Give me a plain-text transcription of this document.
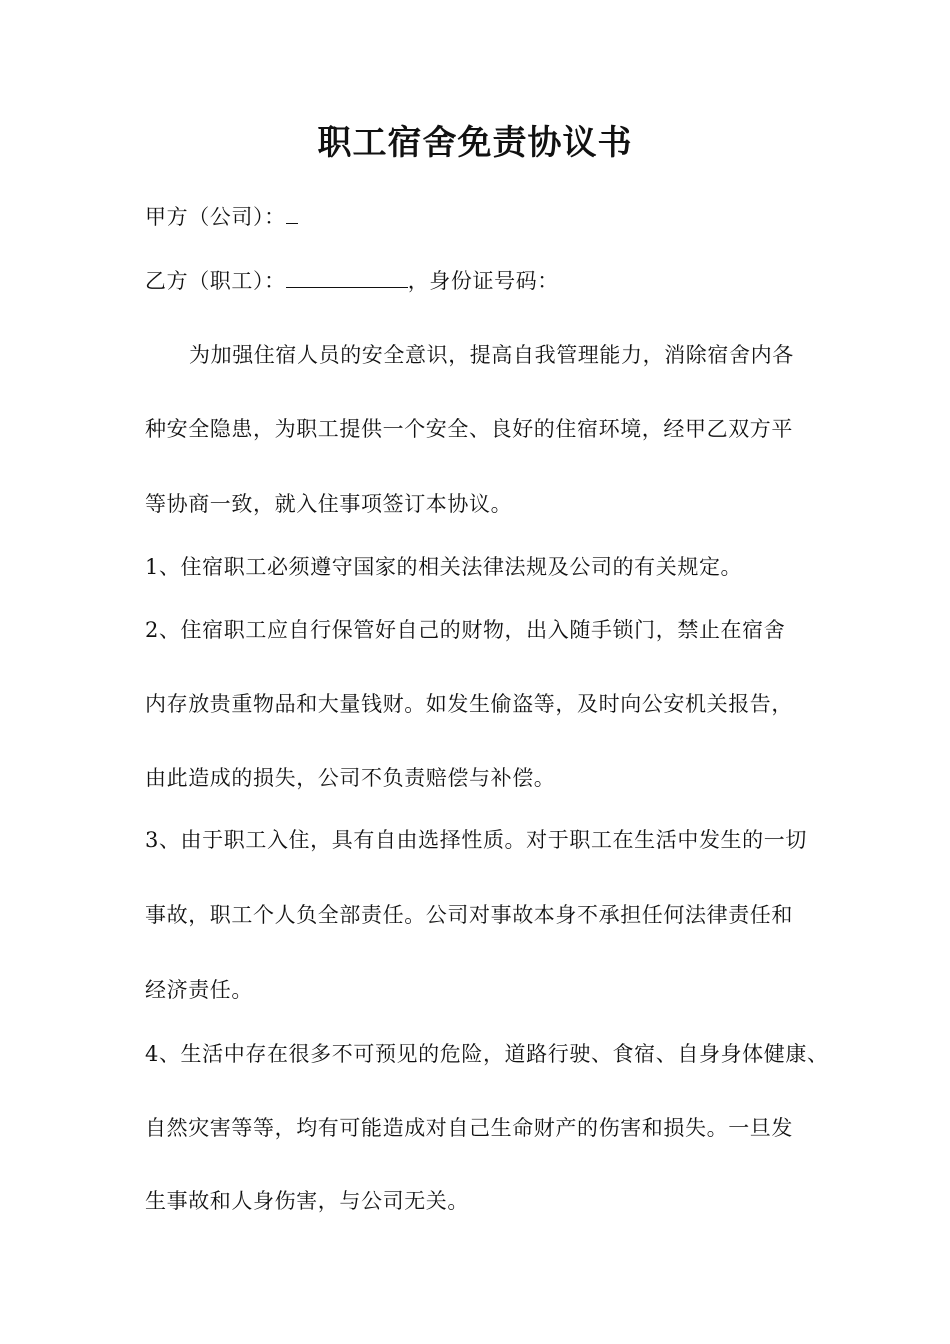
职工宿舍免责协议书
甲方（公司）：
乙方（职工）：	，身份证号码：
为加强住宿人员的安全意识，提高自我管理能力，消除宿舍内各
种安全隐患，为职工提供一个安全、良好的住宿环境，经甲乙双方平
等协商一致，就入住事项签订本协议。
1、住宿职工必须遵守国家的相关法律法规及公司的有关规定。
2、住宿职工应自行保管好自己的财物，出入随手锁门，禁止在宿舍
内存放贵重物品和大量钱财。如发生偷盗等，及时向公安机关报告，
由此造成的损失，公司不负责赔偿与补偿。
3、由于职工入住，具有自由选择性质。对于职工在生活中发生的一切
事故，职工个人负全部责任。公司对事故本身不承担任何法律责任和
经济责任。
4、生活中存在很多不可预见的危险，道路行驶、食宿、自身身体健康、
自然灾害等等，均有可能造成对自己生命财产的伤害和损失。一旦发
生事故和人身伤害，与公司无关。
